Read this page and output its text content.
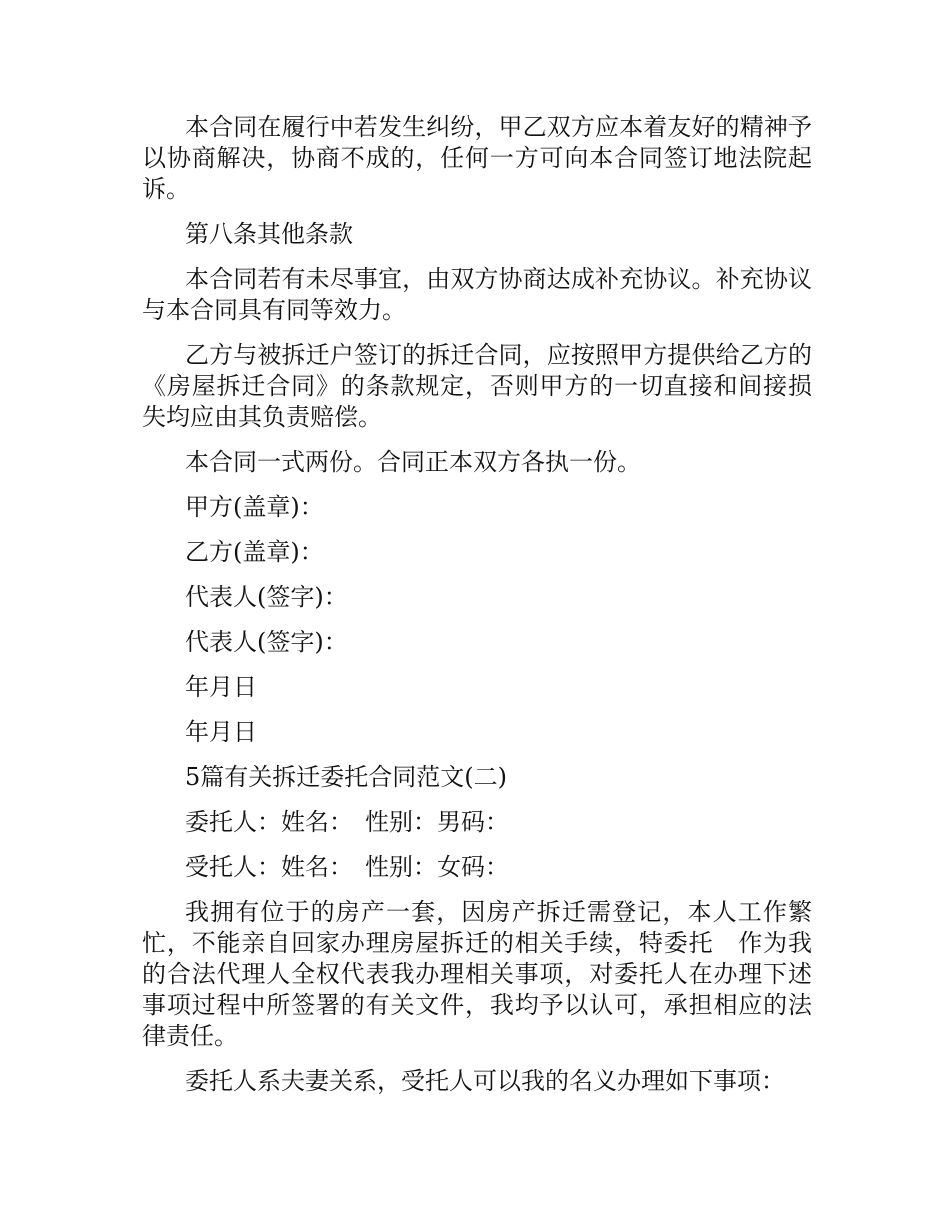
本合同在履行中若发生纠纷，甲乙双方应本着友好的精神予以协商解决，协商不成的，任何一方可向本合同签订地法院起诉。

第八条其他条款

本合同若有未尽事宜，由双方协商达成补充协议。补充协议与本合同具有同等效力。

乙方与被拆迁户签订的拆迁合同，应按照甲方提供给乙方的《房屋拆迁合同》的条款规定，否则甲方的一切直接和间接损失均应由其负责赔偿。

本合同一式两份。合同正本双方各执一份。

甲方(盖章)：

乙方(盖章)：

代表人(签字)：

代表人(签字)：

年月日

年月日

5篇有关拆迁委托合同范文(二)

委托人：姓名：　性别：男码：

受托人：姓名：　性别：女码：

我拥有位于的房产一套，因房产拆迁需登记，本人工作繁忙，不能亲自回家办理房屋拆迁的相关手续，特委托　作为我的合法代理人全权代表我办理相关事项，对委托人在办理下述事项过程中所签署的有关文件，我均予以认可，承担相应的法律责任。

委托人系夫妻关系，受托人可以我的名义办理如下事项：
